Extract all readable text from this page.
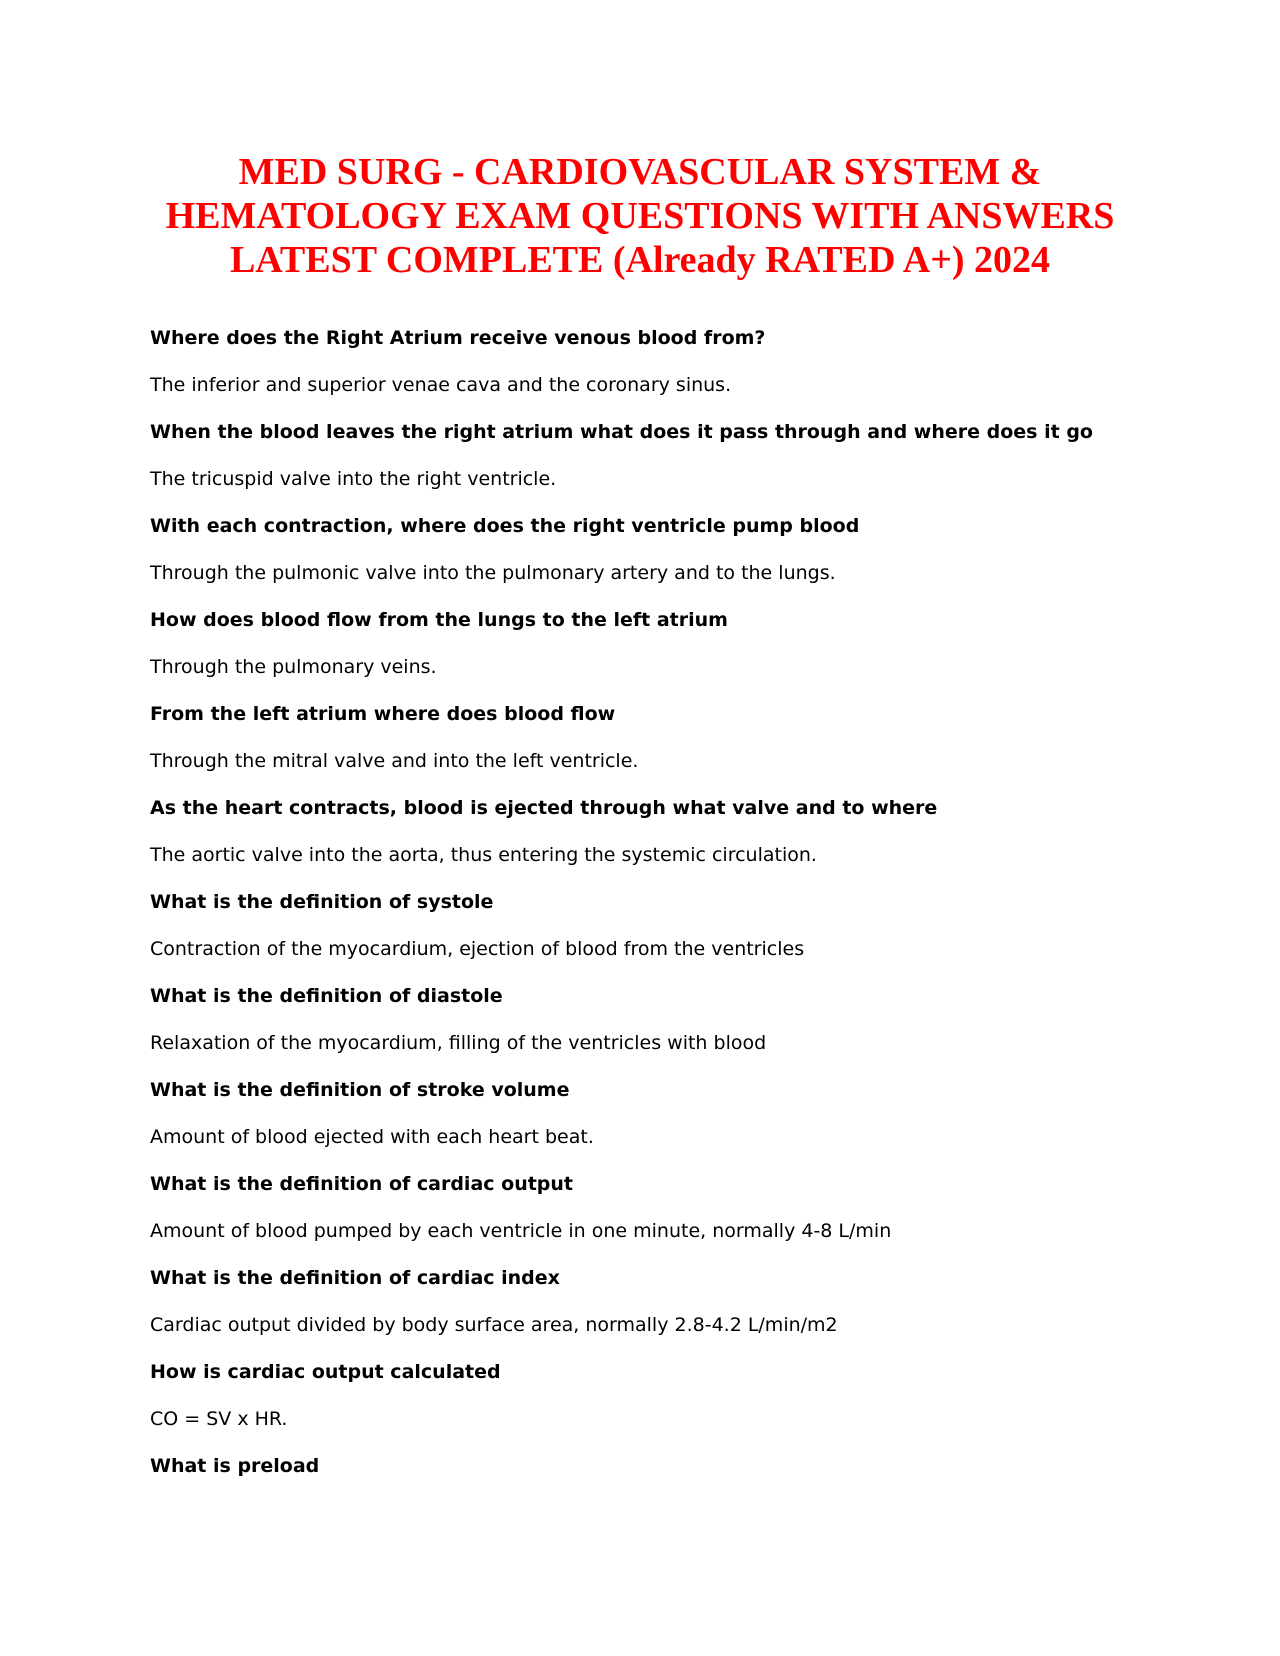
MED SURG - CARDIOVASCULAR SYSTEM &
HEMATOLOGY EXAM QUESTIONS WITH ANSWERS
LATEST COMPLETE (Already RATED A+) 2024

Where does the Right Atrium receive venous blood from?

The inferior and superior venae cava and the coronary sinus.

When the blood leaves the right atrium what does it pass through and where does it go

The tricuspid valve into the right ventricle.

With each contraction, where does the right ventricle pump blood

Through the pulmonic valve into the pulmonary artery and to the lungs.

How does blood flow from the lungs to the left atrium

Through the pulmonary veins.

From the left atrium where does blood flow

Through the mitral valve and into the left ventricle.

As the heart contracts, blood is ejected through what valve and to where

The aortic valve into the aorta, thus entering the systemic circulation.

What is the definition of systole

Contraction of the myocardium, ejection of blood from the ventricles

What is the definition of diastole

Relaxation of the myocardium, filling of the ventricles with blood

What is the definition of stroke volume

Amount of blood ejected with each heart beat.

What is the definition of cardiac output

Amount of blood pumped by each ventricle in one minute, normally 4-8 L/min

What is the definition of cardiac index

Cardiac output divided by body surface area, normally 2.8-4.2 L/min/m2

How is cardiac output calculated

CO = SV x HR.

What is preload
